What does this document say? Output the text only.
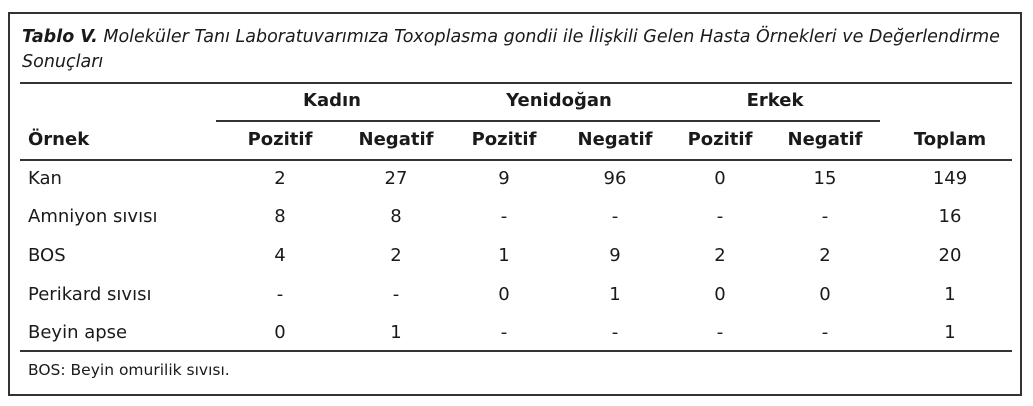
Tablo V. Moleküler Tanı Laboratuvarımıza Toxoplasma gondii ile İlişkili Gelen Hasta Örnekleri ve Değerlendirme Sonuçları
Kadın	Yenidoğan	Erkek
Örnek	Pozitif	Negatif	Pozitif	Negatif	Pozitif	Negatif	Toplam
Kan	2	27	9	96	0	15	149
Amniyon sıvısı	8	8	-	-	-	-	16
BOS	4	2	1	9	2	2	20
Perikard sıvısı	-	-	0	1	0	0	1
Beyin apse	0	1	-	-	-	-	1
BOS: Beyin omurilik sıvısı.
